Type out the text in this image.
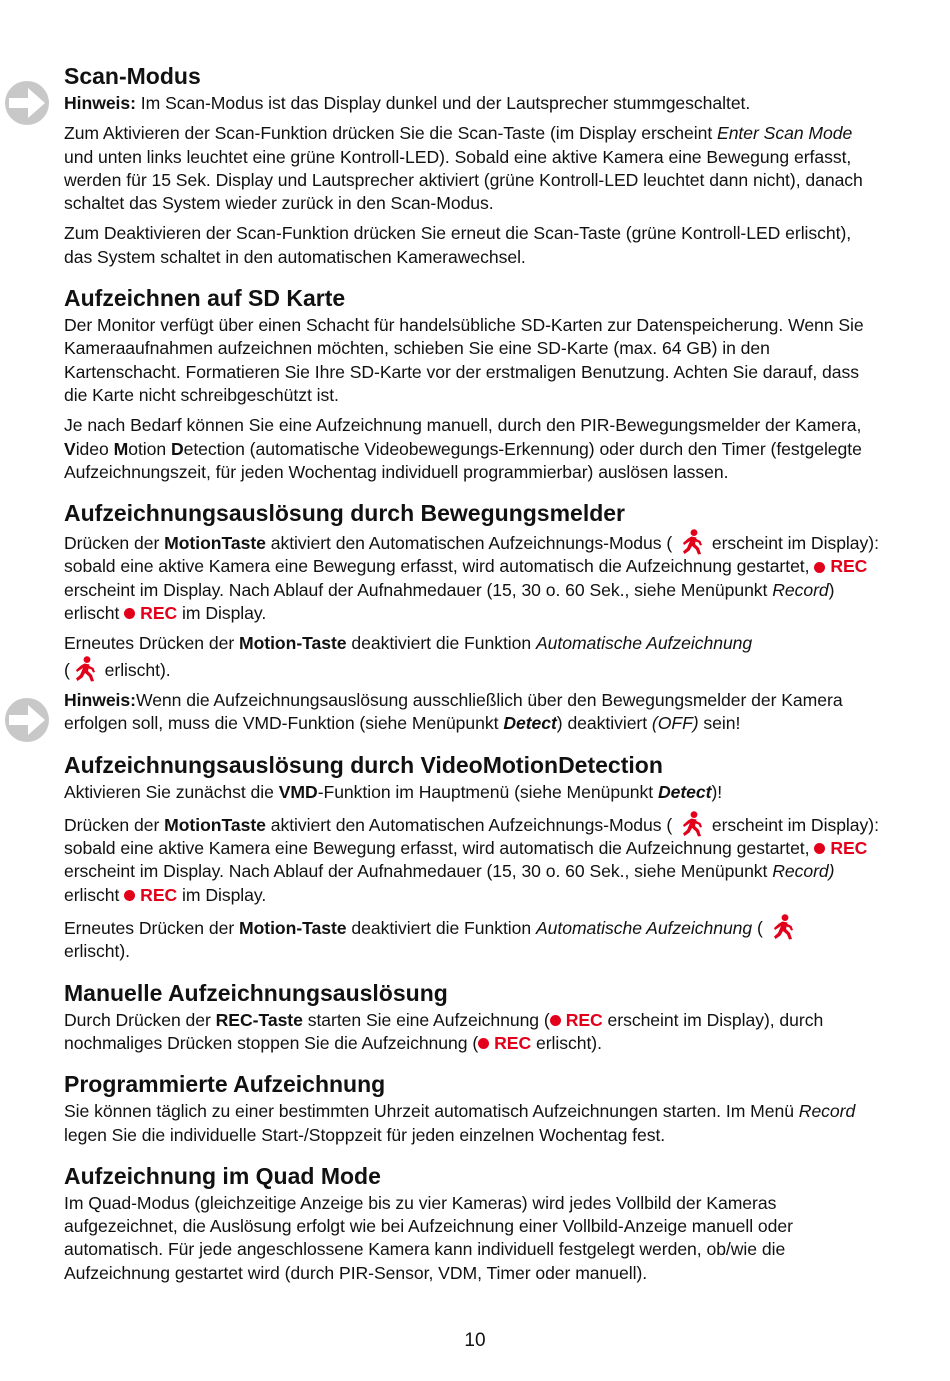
Scan-Modus

Hinweis: Im Scan-Modus ist das Display dunkel und der Lautsprecher stummgeschaltet.

Zum Aktivieren der Scan-Funktion drücken Sie die Scan-Taste (im Display erscheint Enter Scan Mode und unten links leuchtet eine grüne Kontroll-LED). Sobald eine aktive Kamera eine Bewegung erfasst, werden für 15 Sek. Display und Lautsprecher aktiviert (grüne Kontroll-LED leuchtet dann nicht), danach schaltet das System wieder zurück in den Scan-Modus.

Zum Deaktivieren der Scan-Funktion drücken Sie erneut die Scan-Taste (grüne Kontroll-LED erlischt), das System schaltet in den automatischen Kamerawechsel.

Aufzeichnen auf SD Karte

Der Monitor verfügt über einen Schacht für handelsübliche SD-Karten zur Datenspeicherung. Wenn Sie Kameraaufnahmen aufzeichnen möchten, schieben Sie eine SD-Karte (max. 64 GB) in den Kartenschacht. Formatieren Sie Ihre SD-Karte vor der erstmaligen Benutzung. Achten Sie darauf, dass die Karte nicht schreibgeschützt ist.

Je nach Bedarf können Sie eine Aufzeichnung manuell, durch den PIR-Bewegungsmelder der Kamera, Video Motion Detection (automatische Videobewegungs-Erkennung) oder durch den Timer (festgelegte Aufzeichnungszeit, für jeden Wochentag individuell programmierbar) auslösen lassen.

Aufzeichnungsauslösung durch Bewegungsmelder

Drücken der MotionTaste aktiviert den Automatischen Aufzeichnungs-Modus (  erscheint im Display): sobald eine aktive Kamera eine Bewegung erfasst, wird automatisch die Aufzeichnung gestartet, REC erscheint im Display. Nach Ablauf der Aufnahmedauer (15, 30 o. 60 Sek., siehe Menüpunkt Record) erlischt REC im Display.

Erneutes Drücken der Motion-Taste deaktiviert die Funktion Automatische Aufzeichnung
( erlischt).

Hinweis:Wenn die Aufzeichnungsauslösung ausschließlich über den Bewegungsmelder der Kamera erfolgen soll, muss die VMD-Funktion (siehe Menüpunkt Detect) deaktiviert (OFF) sein!

Aufzeichnungsauslösung durch VideoMotionDetection

Aktivieren Sie zunächst die VMD-Funktion im Hauptmenü (siehe Menüpunkt Detect)!

Drücken der MotionTaste aktiviert den Automatischen Aufzeichnungs-Modus (  erscheint im Display): sobald eine aktive Kamera eine Bewegung erfasst, wird automatisch die Aufzeichnung gestartet, REC erscheint im Display. Nach Ablauf der Aufnahmedauer (15, 30 o. 60 Sek., siehe Menüpunkt Record) erlischt REC im Display.

Erneutes Drücken der Motion-Taste deaktiviert die Funktion Automatische Aufzeichnung (
erlischt).

Manuelle Aufzeichnungsauslösung

Durch Drücken der REC-Taste starten Sie eine Aufzeichnung ( REC erscheint im Display), durch nochmaliges Drücken stoppen Sie die Aufzeichnung ( REC erlischt).

Programmierte Aufzeichnung

Sie können täglich zu einer bestimmten Uhrzeit automatisch Aufzeichnungen starten. Im Menü Record legen Sie die individuelle Start-/Stoppzeit für jeden einzelnen Wochentag fest.

Aufzeichnung im Quad Mode

Im Quad-Modus (gleichzeitige Anzeige bis zu vier Kameras) wird jedes Vollbild der Kameras aufgezeichnet, die Auslösung erfolgt wie bei Aufzeichnung einer Vollbild-Anzeige manuell oder automatisch. Für jede angeschlossene Kamera kann individuell festgelegt werden, ob/wie die Aufzeichnung gestartet wird (durch PIR-Sensor, VDM, Timer oder manuell).

10
